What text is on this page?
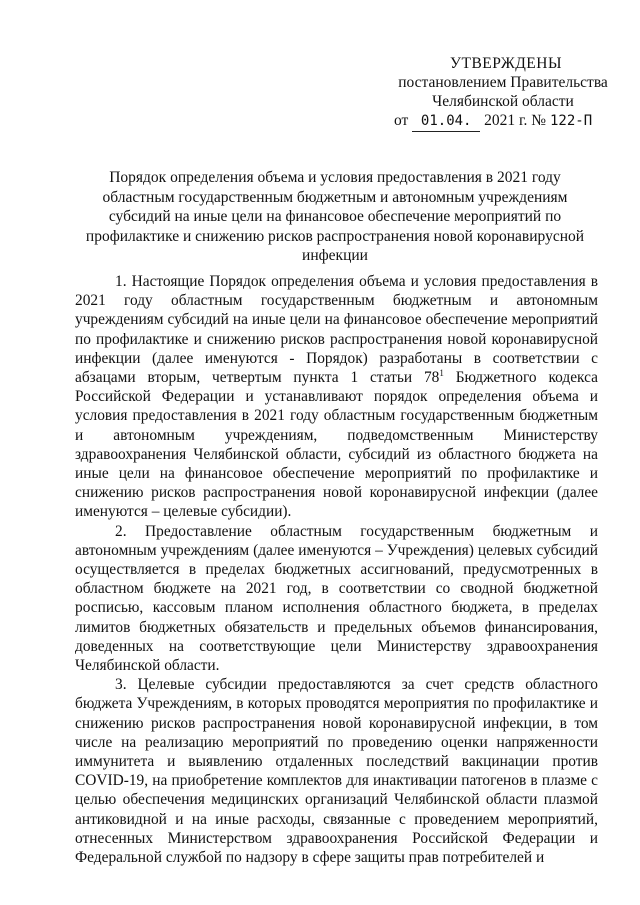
УТВЕРЖДЕНЫ
постановлением Правительства
Челябинской области
от 01.04. 2021 г. № 122-П
Порядок определения объема и условия предоставления в 2021 году
областным государственным бюджетным и автономным учреждениям
субсидий на иные цели на финансовое обеспечение мероприятий по
профилактике и снижению рисков распространения новой коронавирусной
инфекции

1. Настоящие Порядок определения объема и условия предоставления в 2021 году областным государственным бюджетным и автономным учреждениям субсидий на иные цели на финансовое обеспечение мероприятий по профилактике и снижению рисков распространения новой коронавирусной инфекции (далее именуются - Порядок) разработаны в соответствии с абзацами вторым, четвертым пункта 1 статьи $78^1$ Бюджетного кодекса Российской Федерации и устанавливают порядок определения объема и условия предоставления в 2021 году областным государственным бюджетным и автономным учреждениям, подведомственным Министерству здравоохранения Челябинской области, субсидий из областного бюджета на иные цели на финансовое обеспечение мероприятий по профилактике и снижению рисков распространения новой коронавирусной инфекции (далее именуются – целевые субсидии).

2. Предоставление областным государственным бюджетным и автономным учреждениям (далее именуются – Учреждения) целевых субсидий осуществляется в пределах бюджетных ассигнований, предусмотренных в областном бюджете на 2021 год, в соответствии со сводной бюджетной росписью, кассовым планом исполнения областного бюджета, в пределах лимитов бюджетных обязательств и предельных объемов финансирования, доведенных на соответствующие цели Министерству здравоохранения Челябинской области.

3. Целевые субсидии предоставляются за счет средств областного бюджета Учреждениям, в которых проводятся мероприятия по профилактике и снижению рисков распространения новой коронавирусной инфекции, в том числе на реализацию мероприятий по проведению оценки напряженности иммунитета и выявлению отдаленных последствий вакцинации против COVID-19, на приобретение комплектов для инактивации патогенов в плазме с целью обеспечения медицинских организаций Челябинской области плазмой антиковидной и на иные расходы, связанные с проведением мероприятий, отнесенных Министерством здравоохранения Российской Федерации и Федеральной службой по надзору в сфере защиты прав потребителей и
